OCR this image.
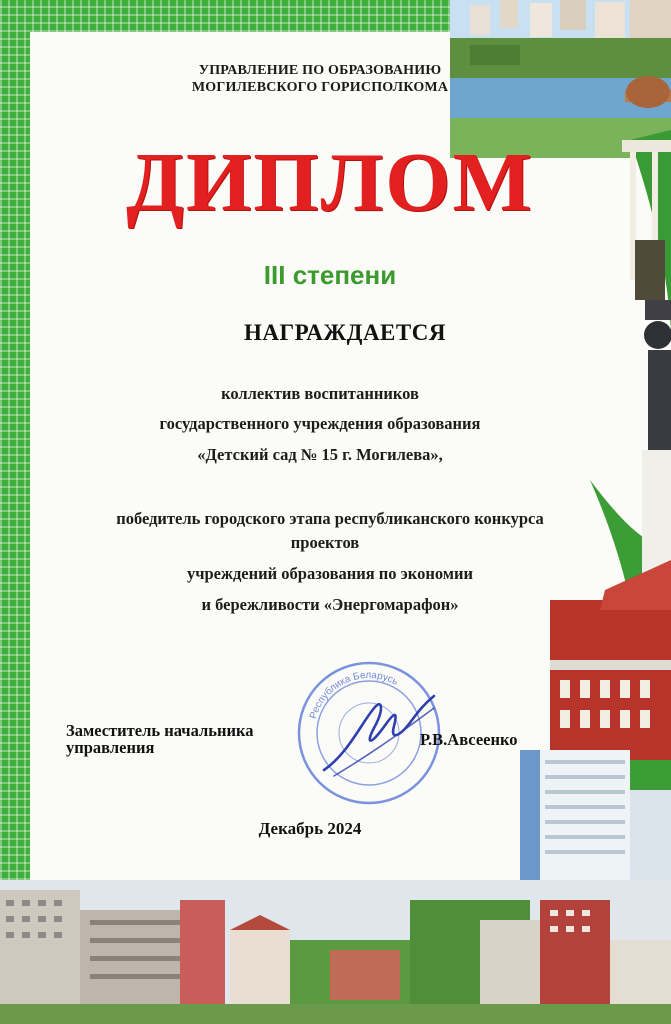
УПРАВЛЕНИЕ ПО ОБРАЗОВАНИЮ
МОГИЛЕВСКОГО ГОРИСПОЛКОМА
ДИПЛОМ
III степени
НАГРАЖДАЕТСЯ
коллектив воспитанников
государственного учреждения образования
«Детский сад № 15 г. Могилева»,
победитель городского этапа республиканского конкурса
проектов
учреждений образования по экономии
и бережливости «Энергомарафон»
Республика Беларусь
Заместитель начальника
управления	Р.В.Авсеенко
Декабрь 2024
